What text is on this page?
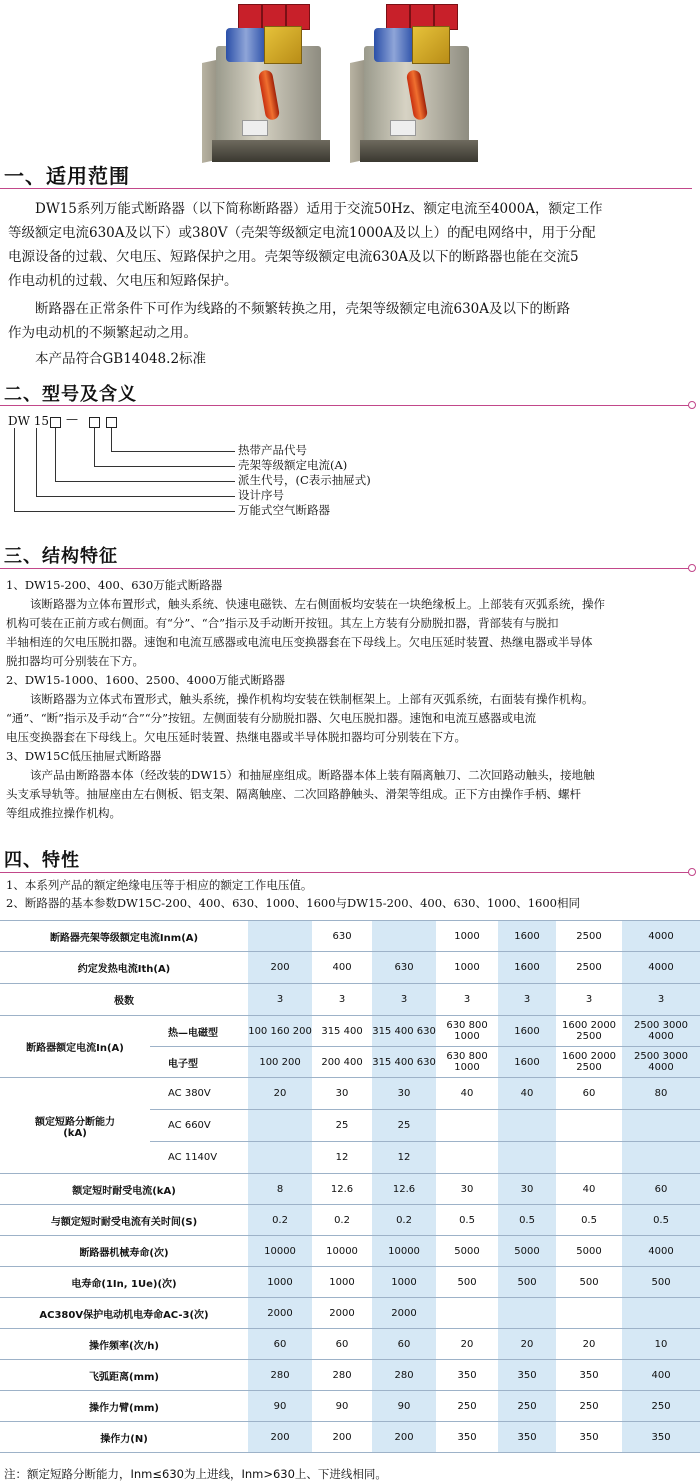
一、适用范围
DW15系列万能式断路器（以下简称断路器）适用于交流50Hz、额定电流至4000A，额定工作
等级额定电流630A及以下）或380V（壳架等级额定电流1000A及以上）的配电网络中，用于分配
电源设备的过载、欠电压、短路保护之用。壳架等级额定电流630A及以下的断路器也能在交流5
作电动机的过载、欠电压和短路保护。
断路器在正常条件下可作为线路的不频繁转换之用，壳架等级额定电流630A及以下的断路
作为电动机的不频繁起动之用。
本产品符合GB14048.2标准
二、型号及含义
DW 15 —
热带产品代号
壳架等级额定电流(A)
派生代号，(C表示抽屉式)
设计序号
万能式空气断路器
三、结构特征
1、DW15-200、400、630万能式断路器
该断路器为立体布置形式，触头系统、快速电磁铁、左右侧面板均安装在一块绝缘板上。上部装有灭弧系统，操作
机构可装在正前方或右侧面。有“分”、“合”指示及手动断开按钮。其左上方装有分励脱扣器，背部装有与脱扣
半轴相连的欠电压脱扣器。速饱和电流互感器或电流电压变换器套在下母线上。欠电压延时装置、热继电器或半导体
脱扣器均可分别装在下方。
2、DW15-1000、1600、2500、4000万能式断路器
该断路器为立体式布置形式，触头系统，操作机构均安装在铁制框架上。上部有灭弧系统，右面装有操作机构。
“通”、“断”指示及手动“合”“分”按钮。左侧面装有分励脱扣器、欠电压脱扣器。速饱和电流互感器或电流
电压变换器套在下母线上。欠电压延时装置、热继电器或半导体脱扣器均可分别装在下方。
3、DW15C低压抽屉式断路器
该产品由断路器本体（经改装的DW15）和抽屉座组成。断路器本体上装有隔离触刀、二次回路动触头，接地触
头支承导轨等。抽屉座由左右侧板、铝支架、隔离触座、二次回路静触头、滑架等组成。正下方由操作手柄、螺杆
等组成推拉操作机构。
四、特性
1、本系列产品的额定绝缘电压等于相应的额定工作电压值。
2、断路器的基本参数DW15C-200、400、630、1000、1600与DW15-200、400、630、1000、1600相同
断路器壳架等级额定电流Inm(A)			630		1000	1600	2500	4000
约定发热电流Ith(A)		200	400	630	1000	1600	2500	4000
极数		3	3	3	3	3	3	3
断路器额定电流In(A)	热—电磁型	100 160 200	315 400	315 400 630	630 800 1000	1600	1600 2000 2500	2500 3000 4000
	电子型	100 200	200 400	315 400 630	630 800 1000	1600	1600 2000 2500	2500 3000 4000
额定短路分断能力(kA)	AC 380V	20	30	30	40	40	60	80
	AC 660V		25	25				
	AC 1140V		12	12				
额定短时耐受电流(kA)		8	12.6	12.6	30	30	40	60
与额定短时耐受电流有关时间(S)		0.2	0.2	0.2	0.5	0.5	0.5	0.5
断路器机械寿命(次)		10000	10000	10000	5000	5000	5000	4000
电寿命(1In, 1Ue)(次)		1000	1000	1000	500	500	500	500
AC380V保护电动机电寿命AC-3(次)		2000	2000	2000				
操作频率(次/h)		60	60	60	20	20	20	10
飞弧距离(mm)		280	280	280	350	350	350	400
操作力臂(mm)		90	90	90	250	250	250	250
操作力(N)		200	200	200	350	350	350	350
注：额定短路分断能力，Inm≤630为上进线，Inm>630上、下进线相同。
